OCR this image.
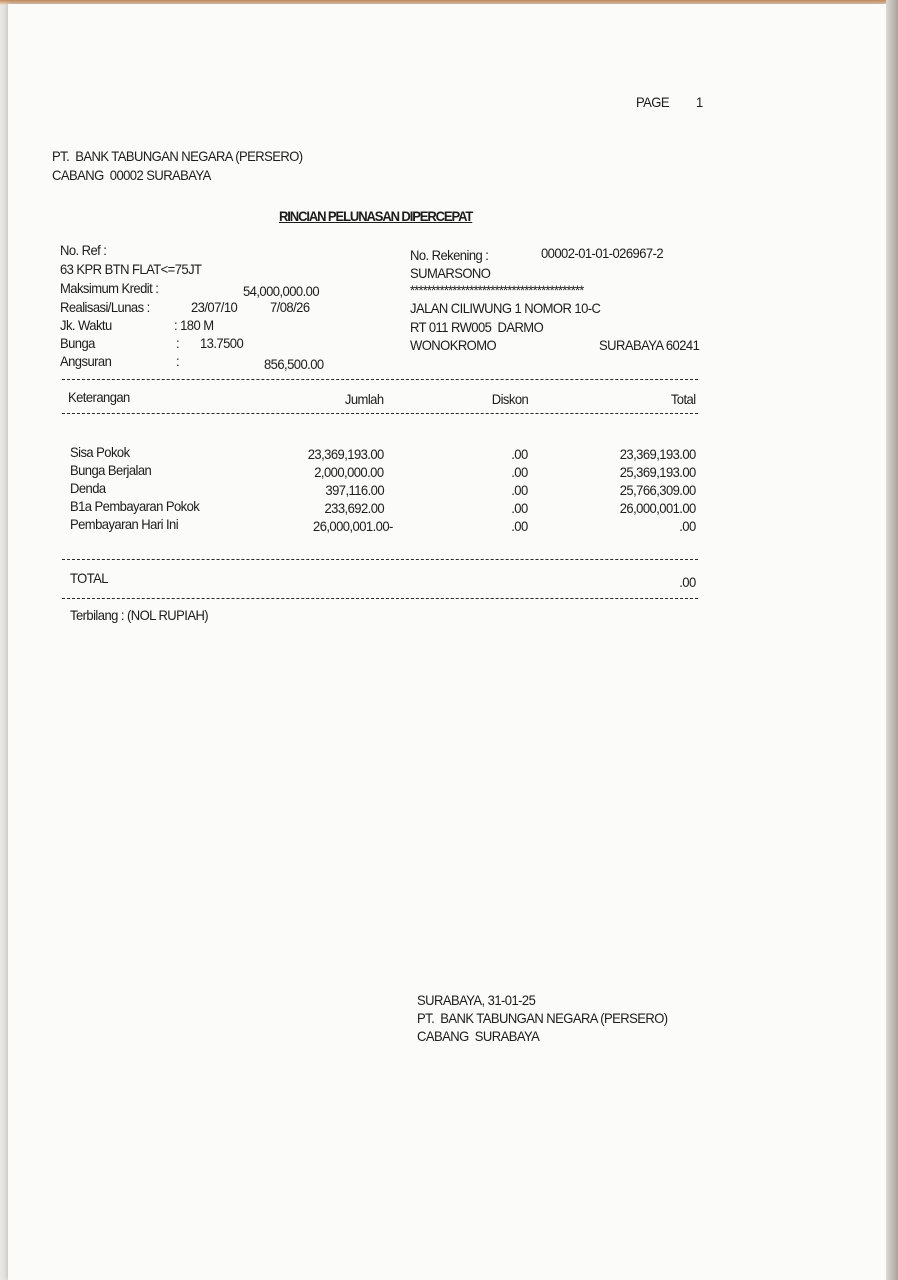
PAGE 1
PT.  BANK TABUNGAN NEGARA (PERSERO)
CABANG  00002 SURABAYA
RINCIAN PELUNASAN DIPERCEPAT
No. Ref :
63 KPR BTN FLAT<=75JT
Maksimum Kredit :	54,000,000.00
Realisasi/Lunas :	23/07/10 7/08/26
Jk. Waktu	: 180 M
Bunga	: 13.7500
Angsuran	:	856,500.00
No. Rekening :	00002-01-01-026967-2
SUMARSONO
*****************************************
JALAN CILIWUNG 1 NOMOR 10-C
RT 011 RW005  DARMO
WONOKROMO	SURABAYA 60241
Keterangan	Jumlah	Diskon	Total
Sisa Pokok	23,369,193.00	.00	23,369,193.00
Bunga Berjalan	2,000,000.00	.00	25,369,193.00
Denda	397,116.00	.00	25,766,309.00
B1a Pembayaran Pokok	233,692.00	.00	26,000,001.00
Pembayaran Hari Ini	26,000,001.00-	.00	.00
TOTAL	.00
Terbilang : (NOL RUPIAH)
SURABAYA, 31-01-25
PT.  BANK TABUNGAN NEGARA (PERSERO)
CABANG  SURABAYA
